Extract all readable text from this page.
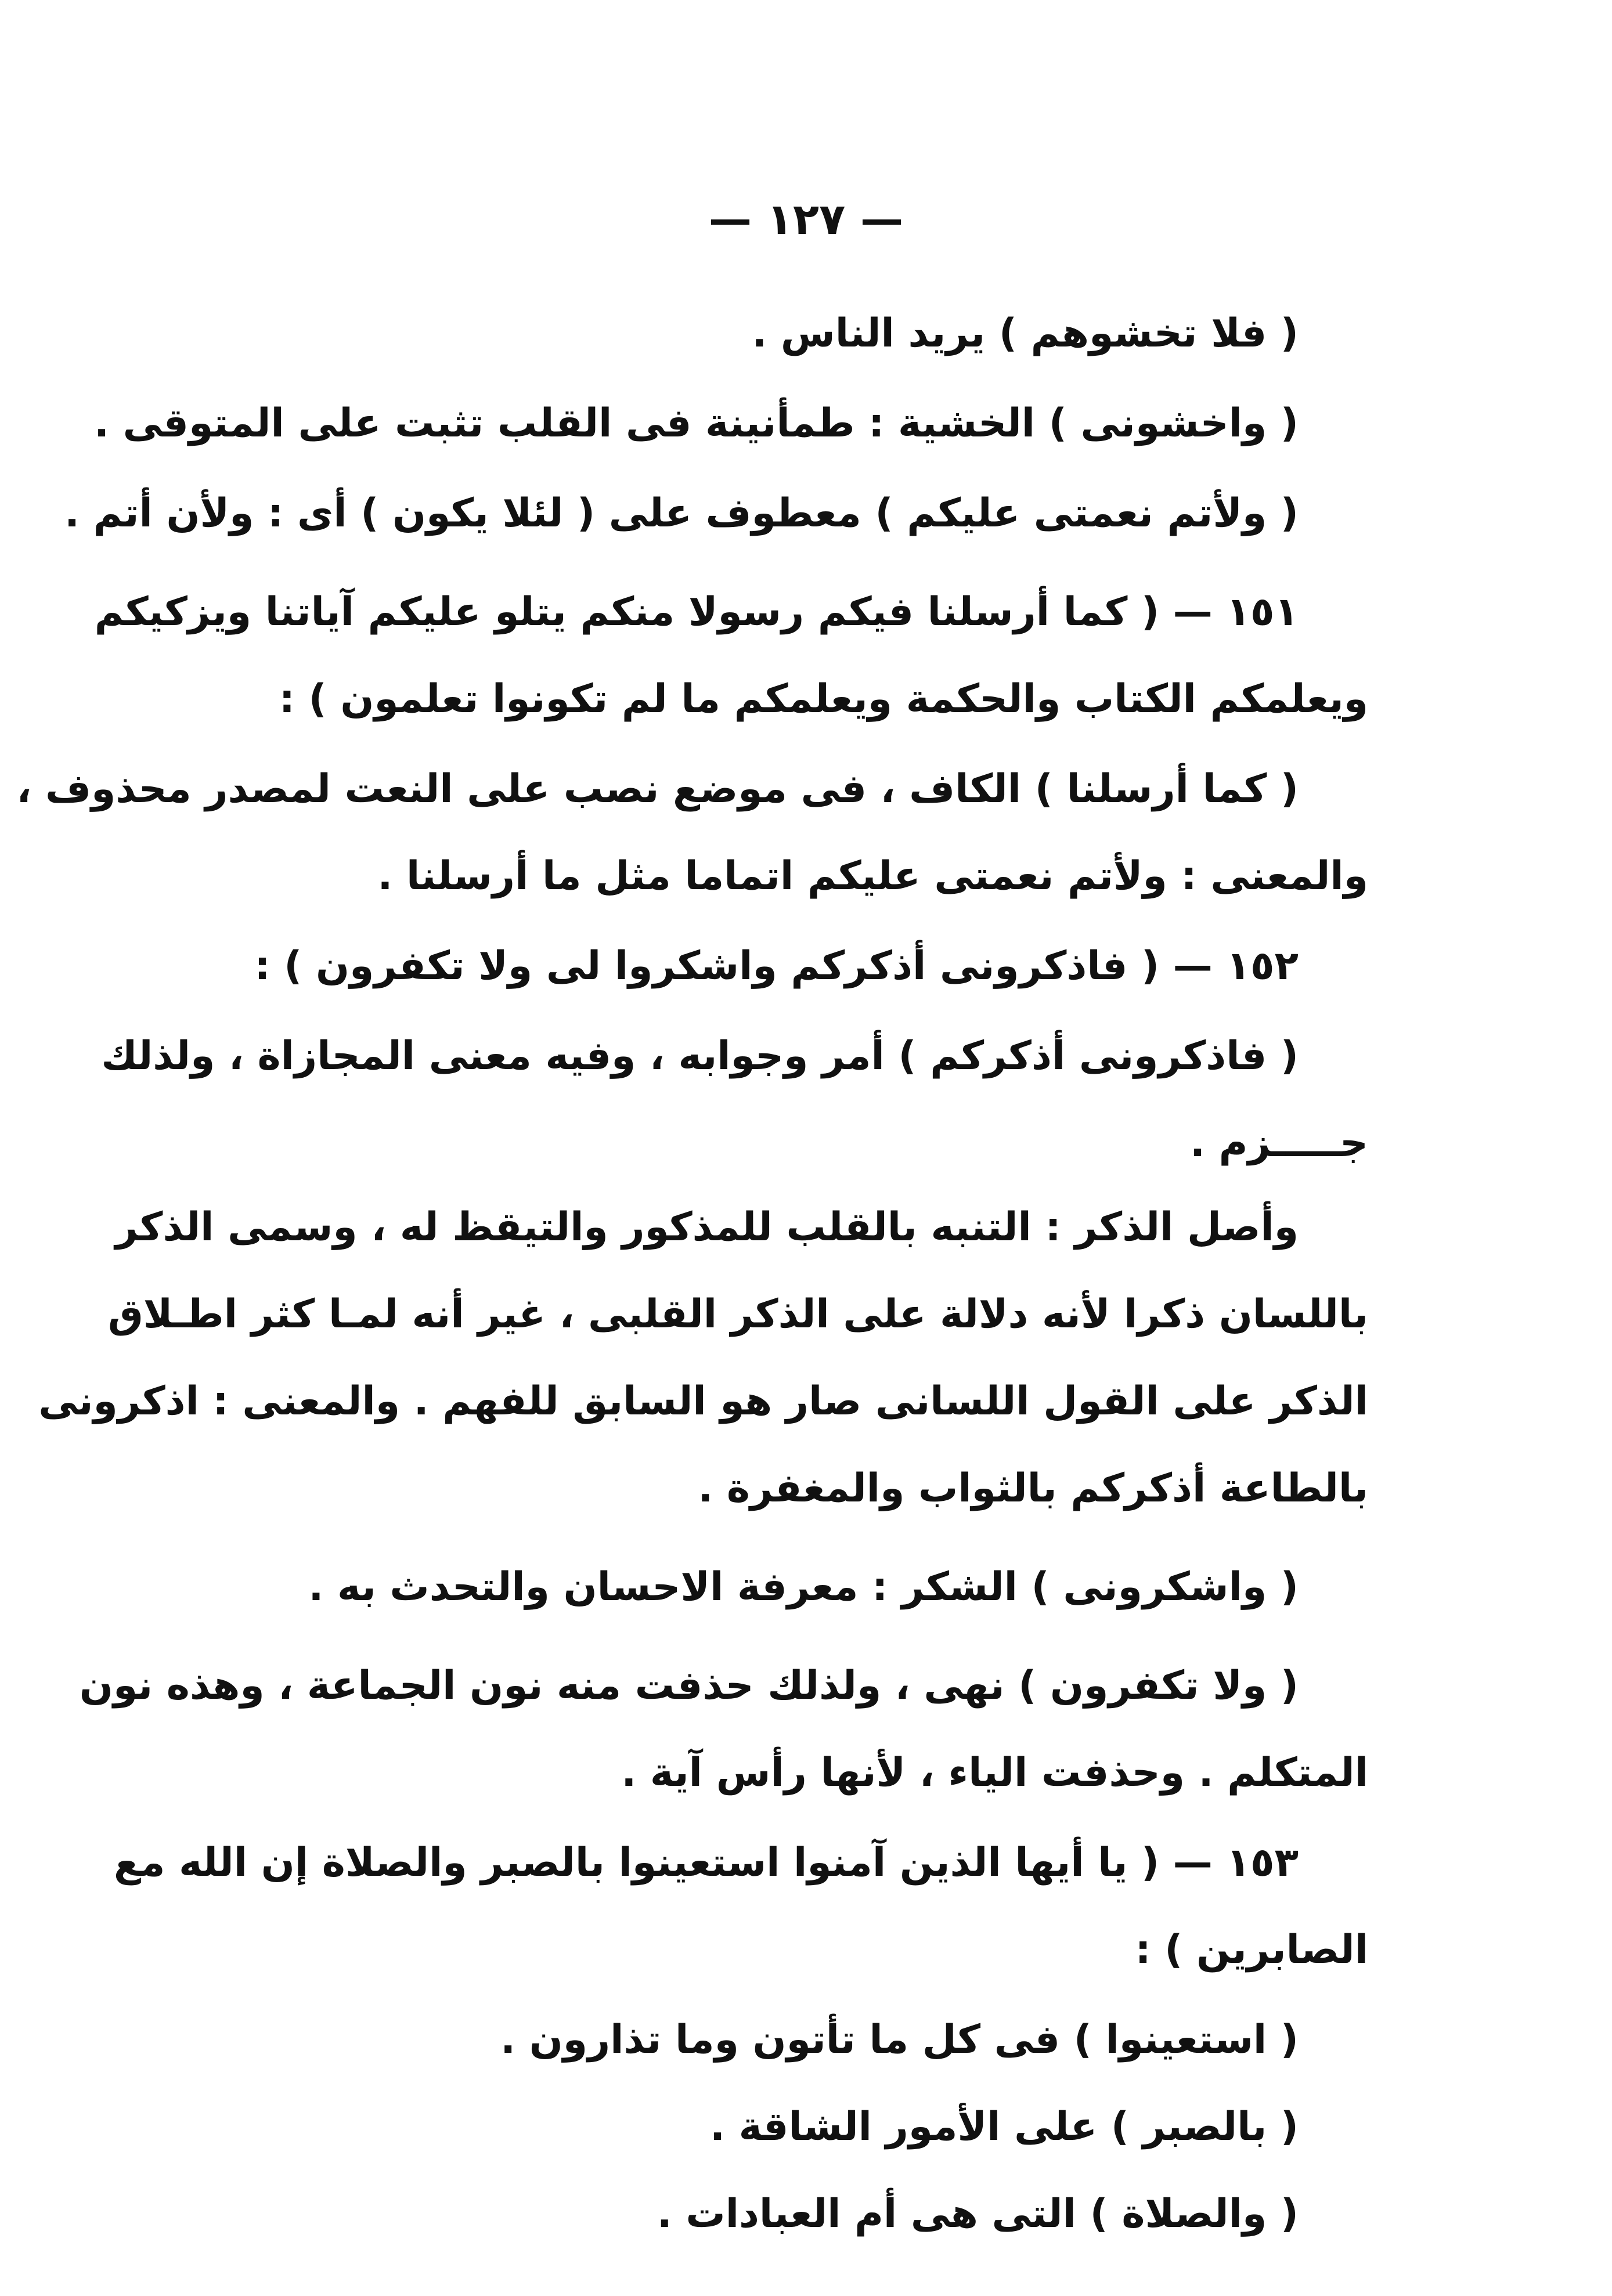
— ١٢٧ —
( فلا تخشوهم ) يريد الناس .
( واخشونى ) الخشية : طمأنينة فى القلب تثبت على المتوقى .
( ولأتم نعمتى عليكم ) معطوف على ( لئلا يكون ) أى : ولأن أتم .
١٥١ — ( كما أرسلنا فيكم رسولا منكم يتلو عليكم آياتنا ويزكيكم
ويعلمكم الكتاب والحكمة ويعلمكم ما لم تكونوا تعلمون ) :
( كما أرسلنا ) الكاف ، فى موضع نصب على النعت لمصدر محذوف ،
والمعنى : ولأتم نعمتى عليكم اتماما مثل ما أرسلنا .
١٥٢ — ( فاذكرونى أذكركم واشكروا لى ولا تكفرون ) :
( فاذكرونى أذكركم ) أمر وجوابه ، وفيه معنى المجازاة ، ولذلك
جـــــزم .
وأصل الذكر : التنبه بالقلب للمذكور والتيقظ له ، وسمى الذكر
باللسان ذكرا لأنه دلالة على الذكر القلبى ، غير أنه لمـا كثر اطـلاق
الذكر على القول اللسانى صار هو السابق للفهم . والمعنى : اذكرونى
بالطاعة أذكركم بالثواب والمغفرة .
( واشكرونى ) الشكر : معرفة الاحسان والتحدث به .
( ولا تكفرون ) نهى ، ولذلك حذفت منه نون الجماعة ، وهذه نون
المتكلم . وحذفت الياء ، لأنها رأس آية .
١٥٣ — ( يا أيها الذين آمنوا استعينوا بالصبر والصلاة إن الله مع
الصابرين ) :
( استعينوا ) فى كل ما تأتون وما تذارون .
( بالصبر ) على الأمور الشاقة .
( والصلاة ) التى هى أم العبادات .
